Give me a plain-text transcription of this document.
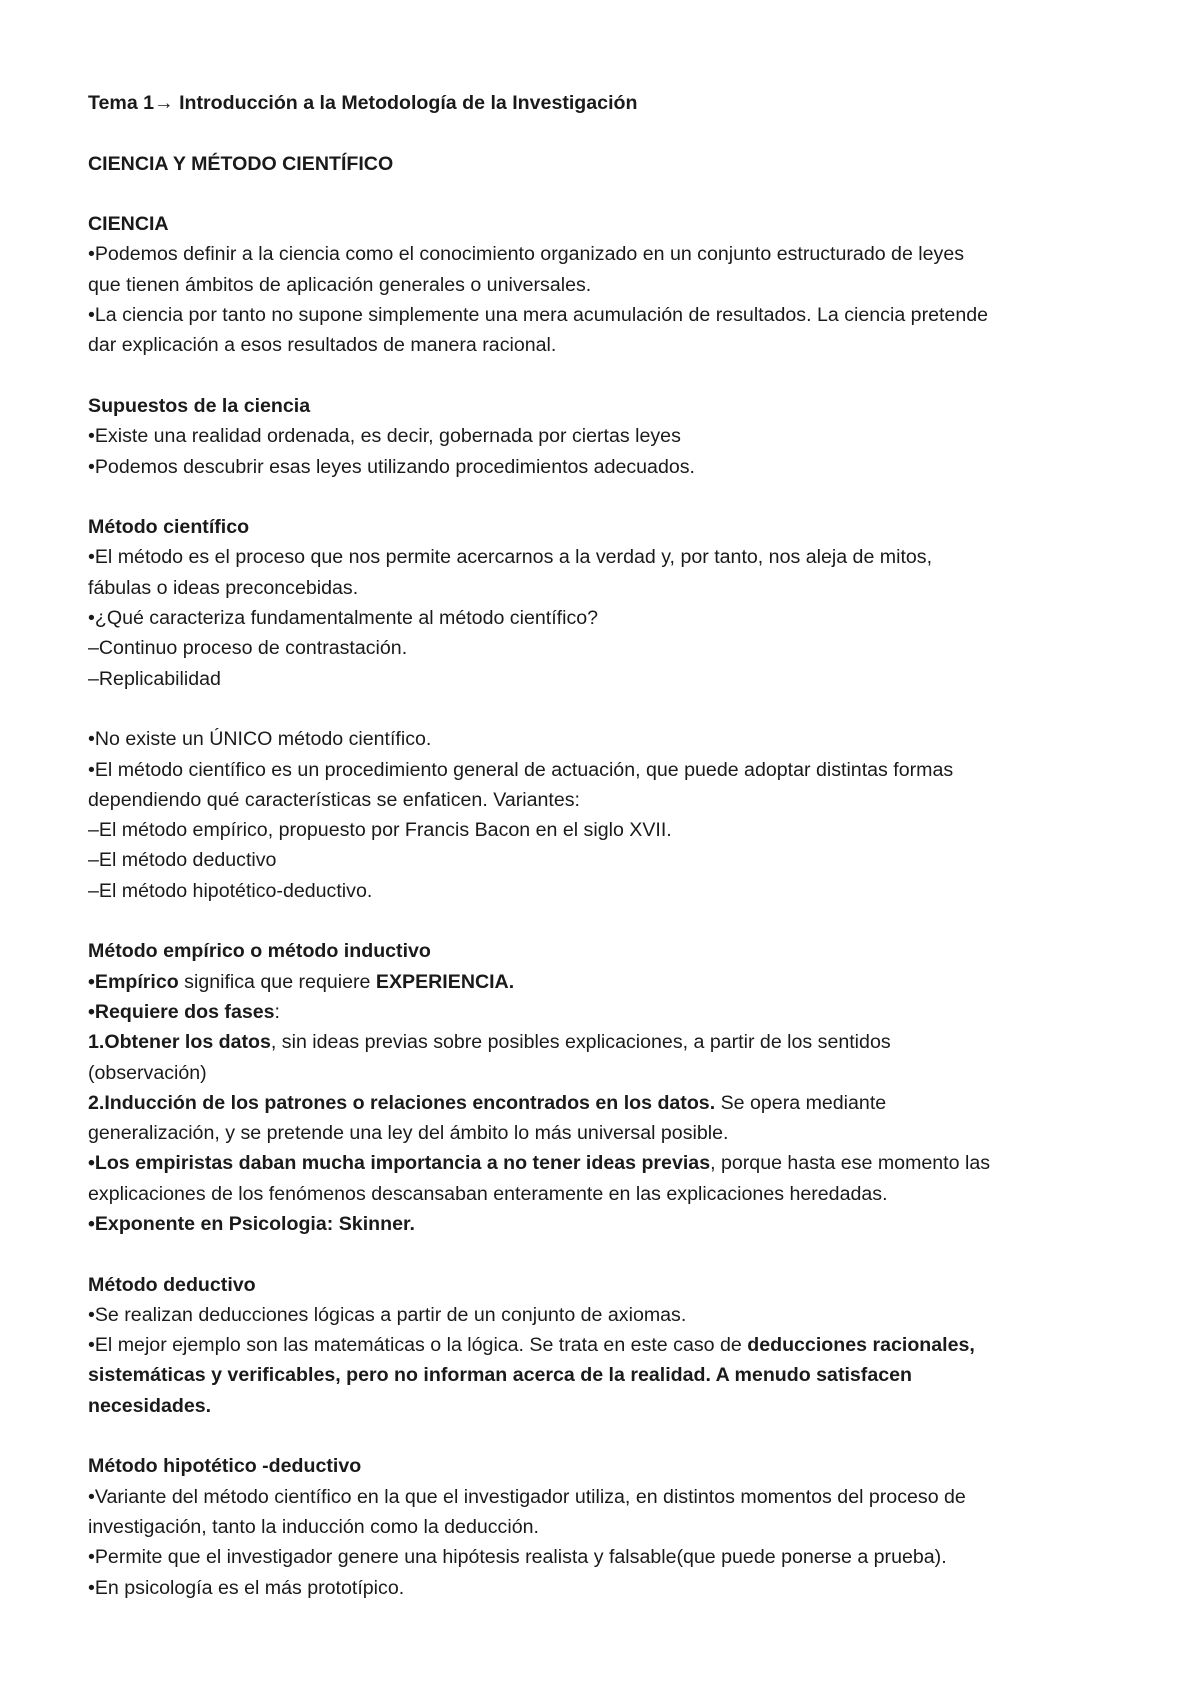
Tema 1→ Introducción a la Metodología de la Investigación
CIENCIA Y MÉTODO CIENTÍFICO
CIENCIA
•Podemos definir a la ciencia como el conocimiento organizado en un conjunto estructurado de leyes
que tienen ámbitos de aplicación generales o universales.
•La ciencia por tanto no supone simplemente una mera acumulación de resultados. La ciencia pretende
dar explicación a esos resultados de manera racional.
Supuestos de la ciencia
•Existe una realidad ordenada, es decir, gobernada por ciertas leyes
•Podemos descubrir esas leyes utilizando procedimientos adecuados.
Método científico
•El método es el proceso que nos permite acercarnos a la verdad y, por tanto, nos aleja de mitos,
fábulas o ideas preconcebidas.
•¿Qué caracteriza fundamentalmente al método científico?
–Continuo proceso de contrastación.
–Replicabilidad
•No existe un ÚNICO método científico.
•El método científico es un procedimiento general de actuación, que puede adoptar distintas formas
dependiendo qué características se enfaticen. Variantes:
–El método empírico, propuesto por Francis Bacon en el siglo XVII.
–El método deductivo
–El método hipotético-deductivo.
Método empírico o método inductivo
•Empírico significa que requiere EXPERIENCIA.
•Requiere dos fases:
1.Obtener los datos, sin ideas previas sobre posibles explicaciones, a partir de los sentidos
(observación)
2.Inducción de los patrones o relaciones encontrados en los datos. Se opera mediante
generalización, y se pretende una ley del ámbito lo más universal posible.
•Los empiristas daban mucha importancia a no tener ideas previas, porque hasta ese momento las
explicaciones de los fenómenos descansaban enteramente en las explicaciones heredadas.
•Exponente en Psicologia: Skinner.
Método deductivo
•Se realizan deducciones lógicas a partir de un conjunto de axiomas.
•El mejor ejemplo son las matemáticas o la lógica. Se trata en este caso de deducciones racionales,
sistemáticas y verificables, pero no informan acerca de la realidad. A menudo satisfacen
necesidades.
Método hipotético -deductivo
•Variante del método científico en la que el investigador utiliza, en distintos momentos del proceso de
investigación, tanto la inducción como la deducción.
•Permite que el investigador genere una hipótesis realista y falsable(que puede ponerse a prueba).
•En psicología es el más prototípico.
